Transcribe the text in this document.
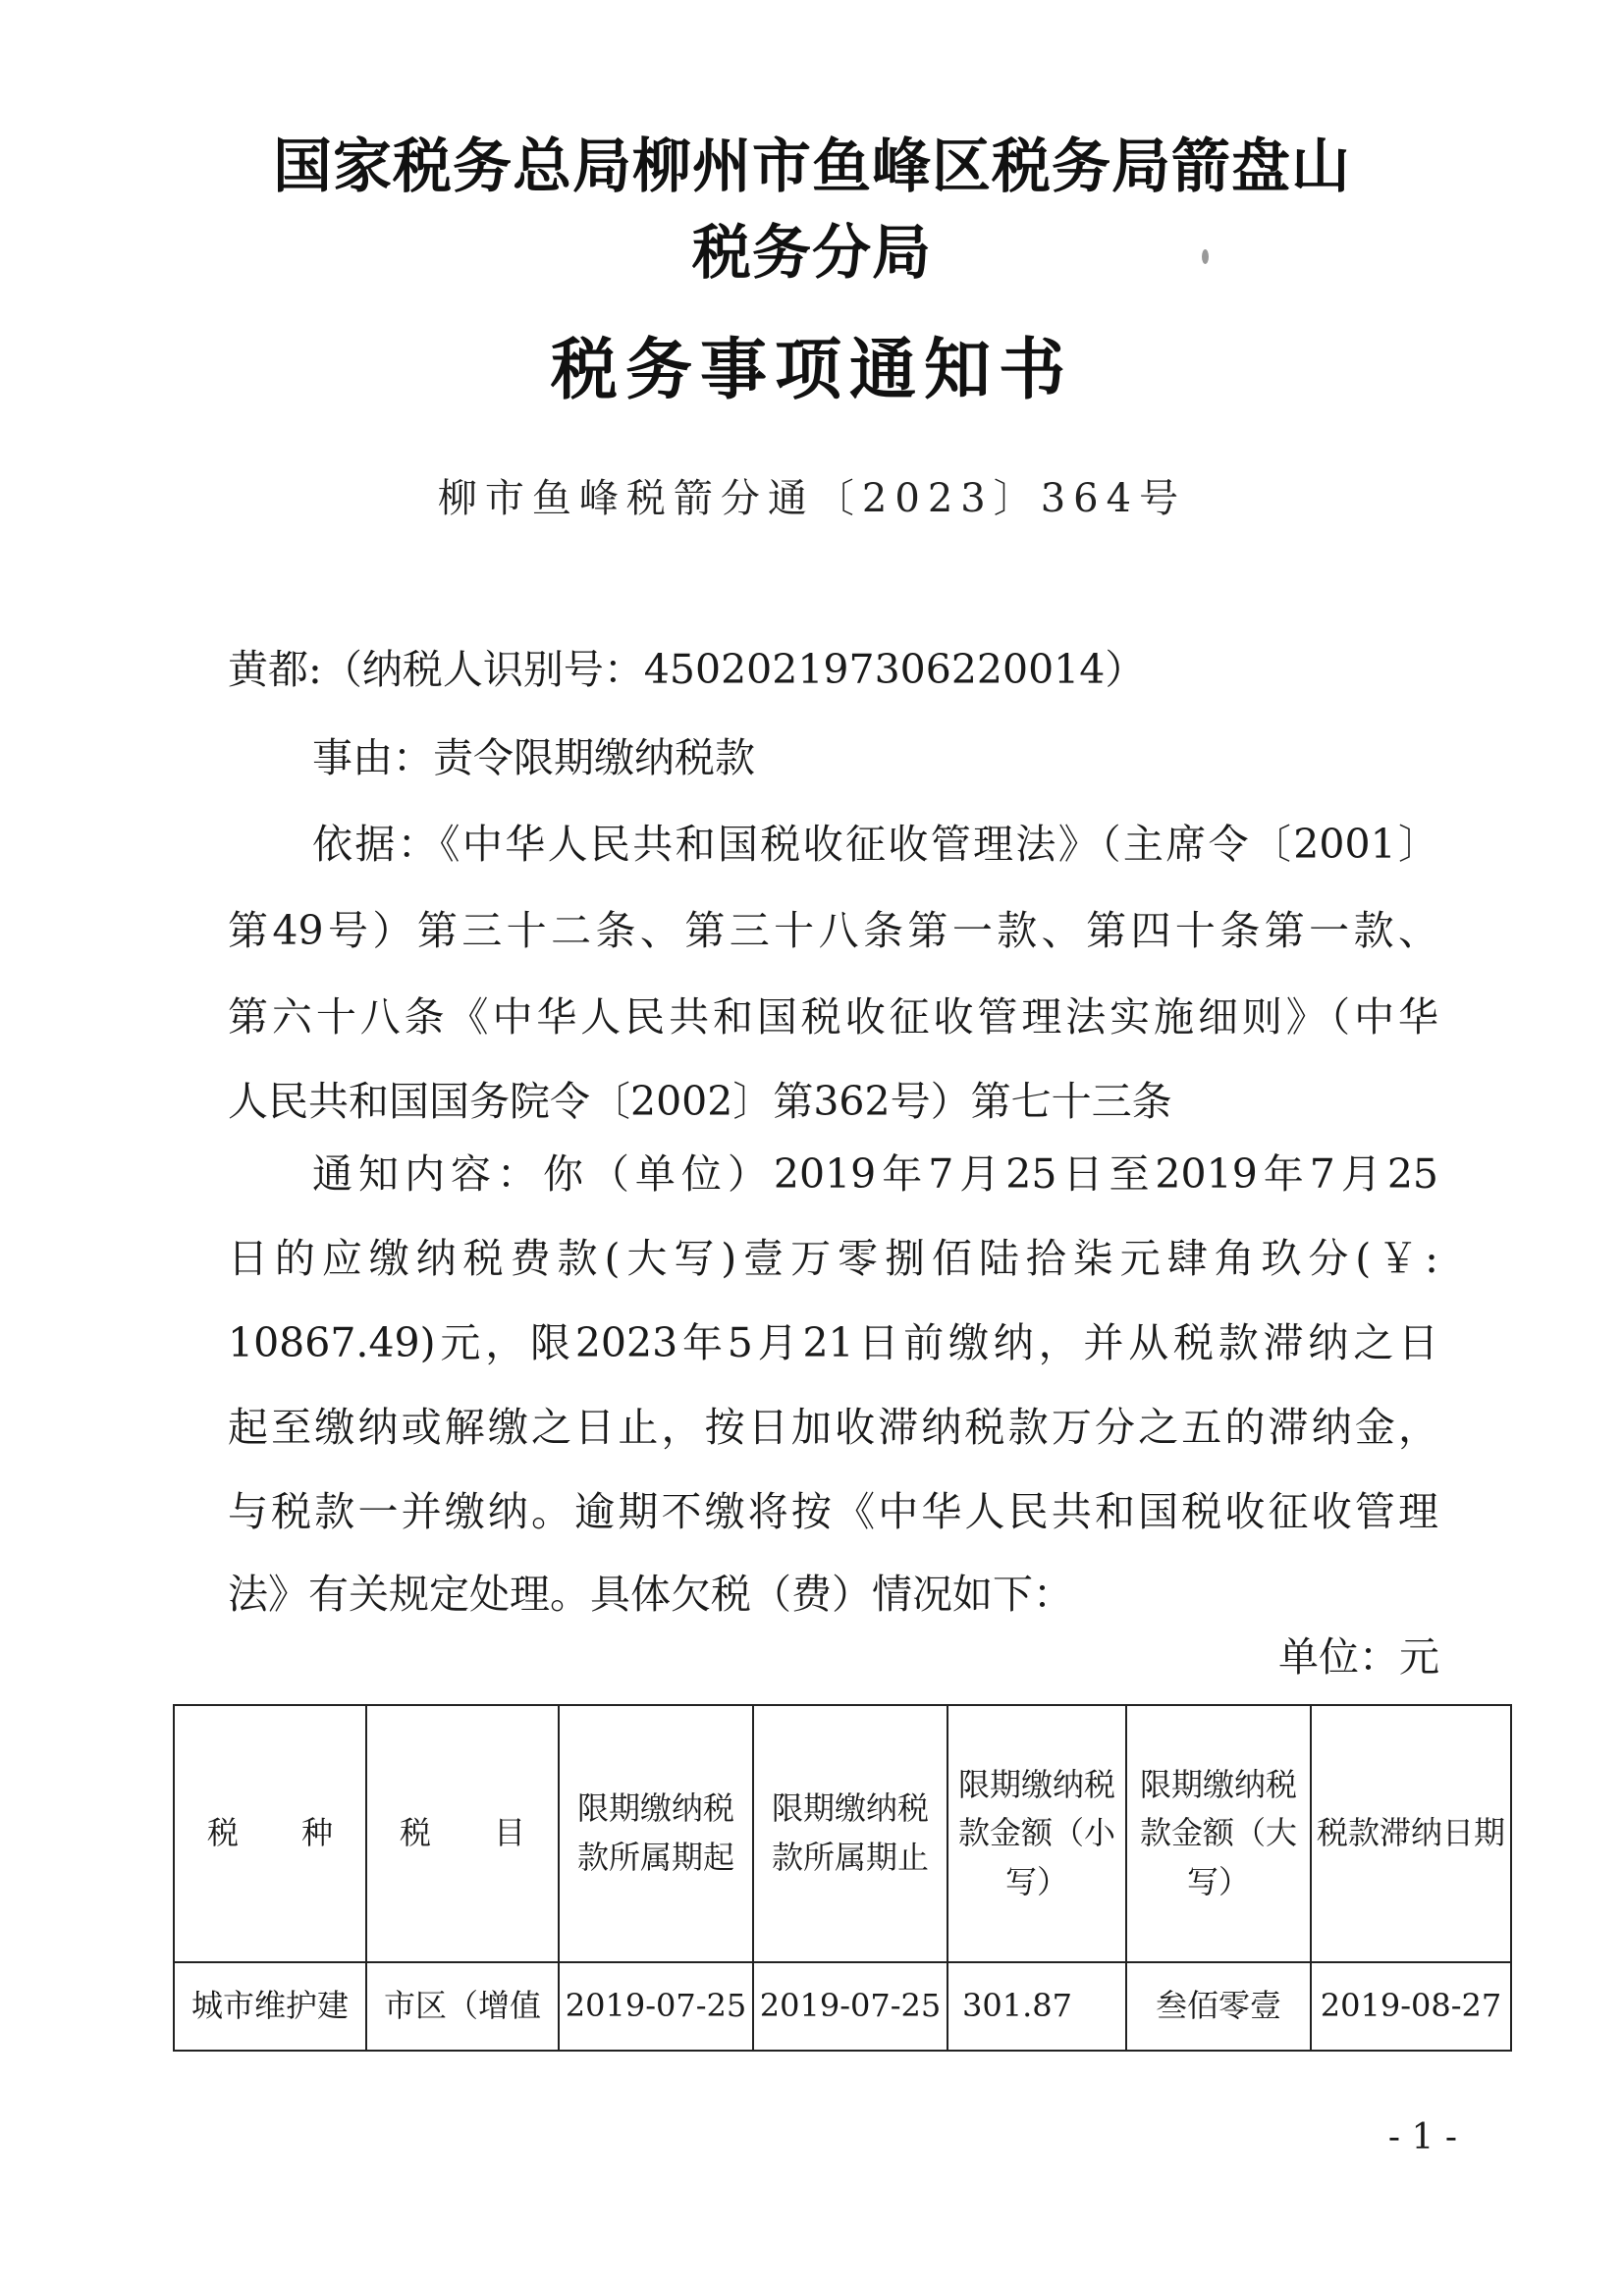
国家税务总局柳州市鱼峰区税务局箭盘山
税务分局
税务事项通知书
柳市鱼峰税箭分通〔2023〕364号
黄都:（纳税人识别号：450202197306220014）
事由：责令限期缴纳税款
依据：《中华人民共和国税收征收管理法》（主席令〔2001〕
第49号）第三十二条、第三十八条第一款、第四十条第一款、
第六十八条《中华人民共和国税收征收管理法实施细则》（中华
人民共和国国务院令〔2002〕第362号）第七十三条
通知内容：你（单位）2019年7月25日至2019年7月25
日的应缴纳税费款(大写)壹万零捌佰陆拾柒元肆角玖分(￥:
10867.49)元，限2023年5月21日前缴纳，并从税款滞纳之日
起至缴纳或解缴之日止，按日加收滞纳税款万分之五的滞纳金，
与税款一并缴纳。逾期不缴将按《中华人民共和国税收征收管理
法》有关规定处理。具体欠税（费）情况如下：
单位：元
税　　种	税　　目	限期缴纳税款所属期起	限期缴纳税款所属期止	限期缴纳税款金额（小写）	限期缴纳税款金额（大写）	税款滞纳日期
城市维护建	市区（增值	2019-07-25	2019-07-25	301.87	叁佰零壹	2019-08-27
- 1 -
